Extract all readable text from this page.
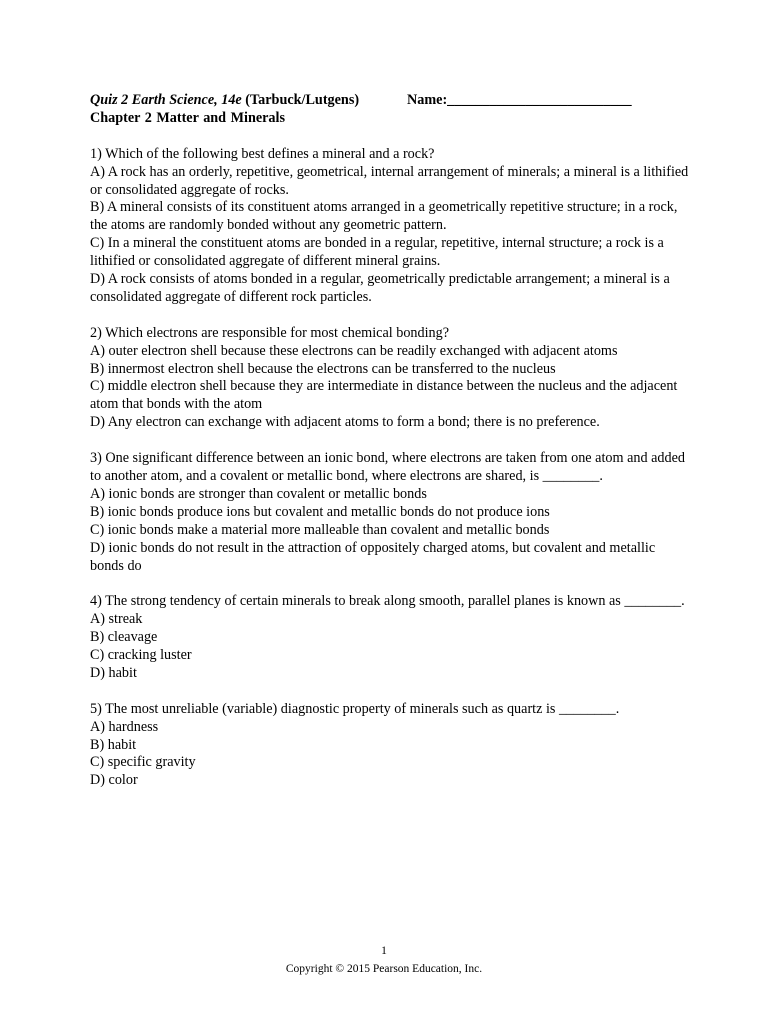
Quiz 2 Earth Science, 14e (Tarbuck/Lutgens)	Name:__________________________
Chapter 2 Matter and Minerals

1) Which of the following best defines a mineral and a rock?

A) A rock has an orderly, repetitive, geometrical, internal arrangement of minerals; a mineral is a lithified or consolidated aggregate of rocks.

B) A mineral consists of its constituent atoms arranged in a geometrically repetitive structure; in a rock, the atoms are randomly bonded without any geometric pattern.

C) In a mineral the constituent atoms are bonded in a regular, repetitive, internal structure; a rock is a lithified or consolidated aggregate of different mineral grains.

D) A rock consists of atoms bonded in a regular, geometrically predictable arrangement; a mineral is a consolidated aggregate of different rock particles.

2) Which electrons are responsible for most chemical bonding?

A) outer electron shell because these electrons can be readily exchanged with adjacent atoms

B) innermost electron shell because the electrons can be transferred to the nucleus

C) middle electron shell because they are intermediate in distance between the nucleus and the adjacent atom that bonds with the atom

D) Any electron can exchange with adjacent atoms to form a bond; there is no preference.

3) One significant difference between an ionic bond, where electrons are taken from one atom and added to another atom, and a covalent or metallic bond, where electrons are shared, is ________.

A) ionic bonds are stronger than covalent or metallic bonds

B) ionic bonds produce ions but covalent and metallic bonds do not produce ions

C) ionic bonds make a material more malleable than covalent and metallic bonds

D) ionic bonds do not result in the attraction of oppositely charged atoms, but covalent and metallic bonds do

4) The strong tendency of certain minerals to break along smooth, parallel planes is known as ________.

A) streak

B) cleavage

C) cracking luster

D) habit

5) The most unreliable (variable) diagnostic property of minerals such as quartz is ________.

A) hardness

B) habit

C) specific gravity

D) color

1
Copyright © 2015 Pearson Education, Inc.
